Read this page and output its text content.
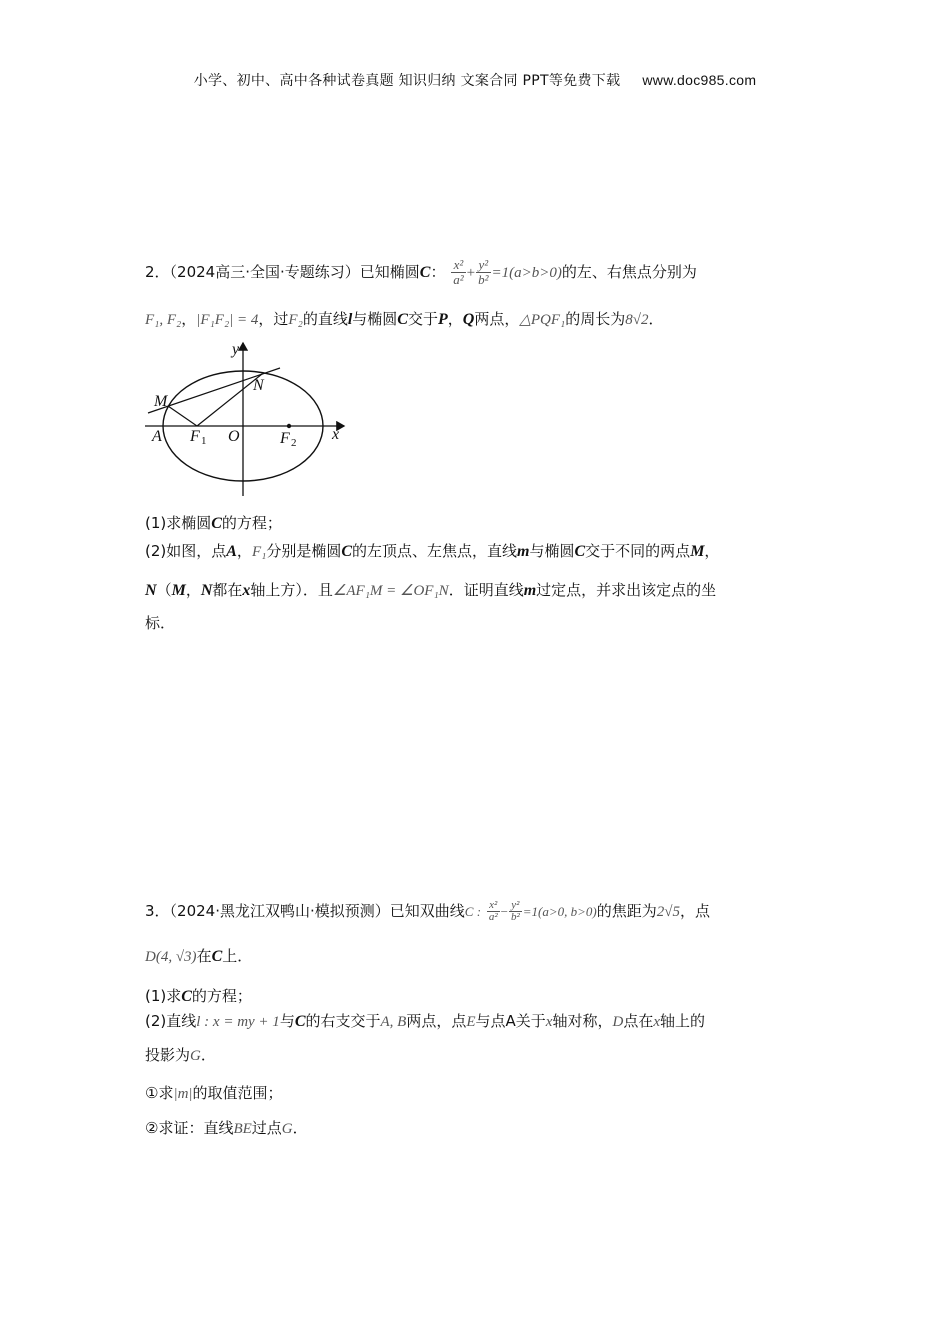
小学、初中、高中各种试卷真题 知识归纳 文案合同 PPT等免费下载 www.doc985.com
2．（2024高三·全国·专题练习）已知椭圆C： $\frac{\text{x²}}{\text{a²}} + \frac{\text{y²}}{\text{b²}} =1(a>b>0)$的左、右焦点分别为
F₁, F₂，|F₁F₂| = 4，过F₂的直线l与椭圆C交于P，Q两点，△PQF₁的周长为8√2．
y
x
M
N
A F 1 O	F 2
(1)求椭圆C的方程；
(2)如图，点A，F₁分别是椭圆C的左顶点、左焦点，直线m与椭圆C交于不同的两点M，
N（M，N都在x轴上方）．且∠AF₁M = ∠OF₁N．证明直线m过定点，并求出该定点的坐
标．
3．（2024·黑龙江双鸭山·模拟预测）已知双曲线C : $\frac{\text{x²}}{\text{a²}} - \frac{\text{y²}}{\text{b²}} =1(a>0$, b>0)的焦距为2√5，点
D(4, √3)在C上．
(1)求C的方程；
(2)直线l : x = my + 1与C的右支交于A, B两点，点E与点A关于x轴对称，D点在x轴上的
投影为G．
①求|m|的取值范围；
②求证：直线BE过点G．
